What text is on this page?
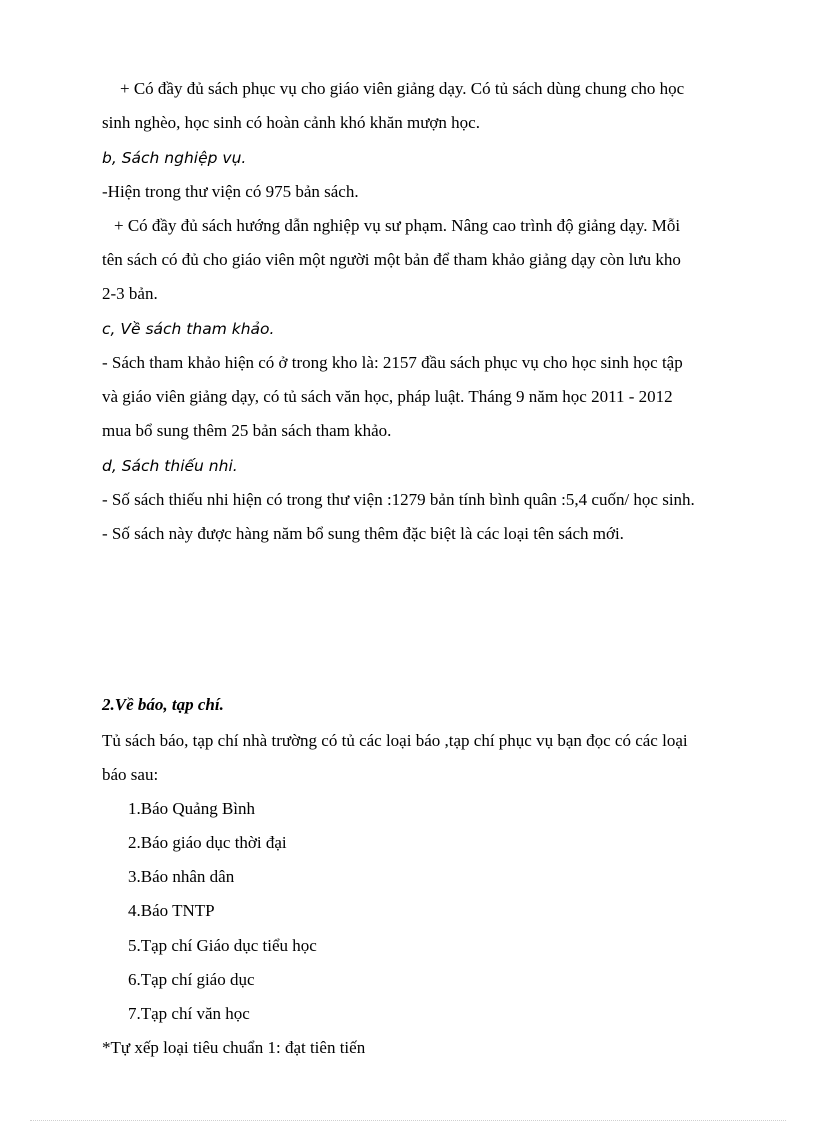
+ Có đầy đủ sách phục vụ cho giáo viên giảng dạy. Có tủ sách dùng chung cho học
sinh nghèo, học sinh có hoàn cảnh khó khăn mượn học.
b, Sách nghiệp vụ.
-Hiện trong thư viện có 975 bản sách.
+ Có đầy đủ sách hướng dẫn nghiệp vụ sư phạm. Nâng cao trình độ giảng dạy. Mỗi
tên sách có đủ cho giáo viên một người một bản để tham khảo giảng dạy còn lưu kho
2-3 bản.
c, Về sách tham khảo.
- Sách tham khảo hiện có ở trong kho là: 2157 đầu sách phục vụ cho học sinh học tập
và giáo viên giảng dạy, có tủ sách văn học, pháp luật. Tháng 9 năm học 2011 - 2012
mua bổ sung thêm 25 bản sách tham khảo.
d, Sách thiếu nhi.
- Số sách thiếu nhi hiện có trong thư viện :1279 bản tính bình quân :5,4 cuốn/ học sinh.
- Số sách này được hàng năm bổ sung thêm đặc biệt là các loại tên sách mới.
2.Về báo, tạp chí.
Tủ sách báo, tạp chí nhà trường có tủ các loại báo ,tạp chí phục vụ bạn đọc có các loại
báo sau:
1.Báo Quảng Bình
2.Báo giáo dục thời đại
3.Báo nhân dân
4.Báo TNTP
5.Tạp chí Giáo dục tiểu học
6.Tạp chí giáo dục
7.Tạp chí văn học
*Tự xếp loại tiêu chuẩn 1: đạt tiên tiến
